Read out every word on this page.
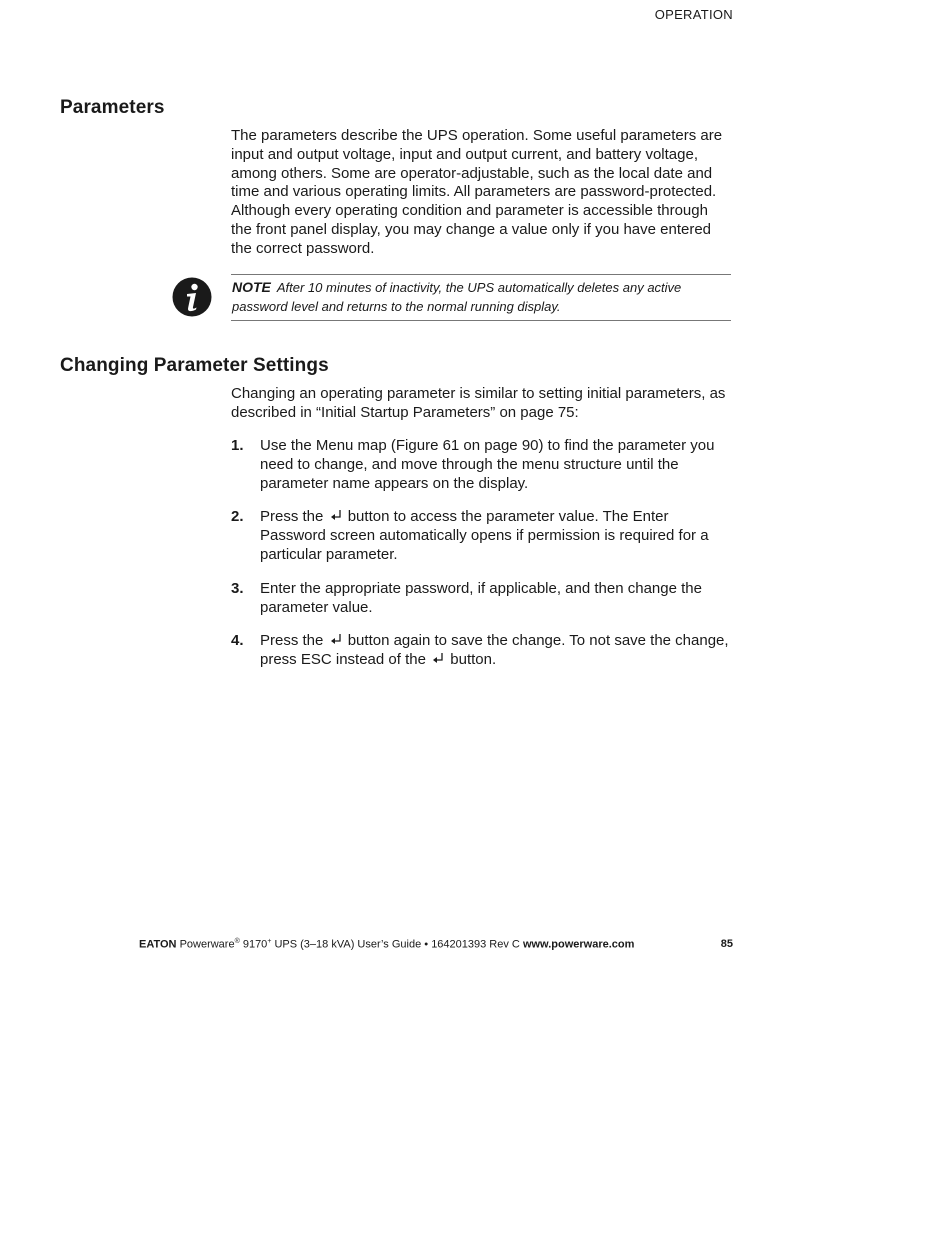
OPERATION
Parameters

The parameters describe the UPS operation. Some useful parameters are input and output voltage, input and output current, and battery voltage, among others. Some are operator-adjustable, such as the local date and time and various operating limits. All parameters are password-protected. Although every operating condition and parameter is accessible through the front panel display, you may change a value only if you have entered the correct password.

NOTE After 10 minutes of inactivity, the UPS automatically deletes any active password level and returns to the normal running display.
Changing Parameter Settings

Changing an operating parameter is similar to setting initial parameters, as described in “Initial Startup Parameters” on page 75:

1. Use the Menu map (Figure 61 on page 90) to find the parameter you need to change, and move through the menu structure until the parameter name appears on the display.
2. Press the button to access the parameter value. The Enter Password screen automatically opens if permission is required for a particular parameter.
3. Enter the appropriate password, if applicable, and then change the parameter value.
4. Press the button again to save the change. To not save the change, press ESC instead of the button.
EATON Powerware® 9170+ UPS (3–18 kVA) User’s Guide • 164201393 Rev C www.powerware.com	85
